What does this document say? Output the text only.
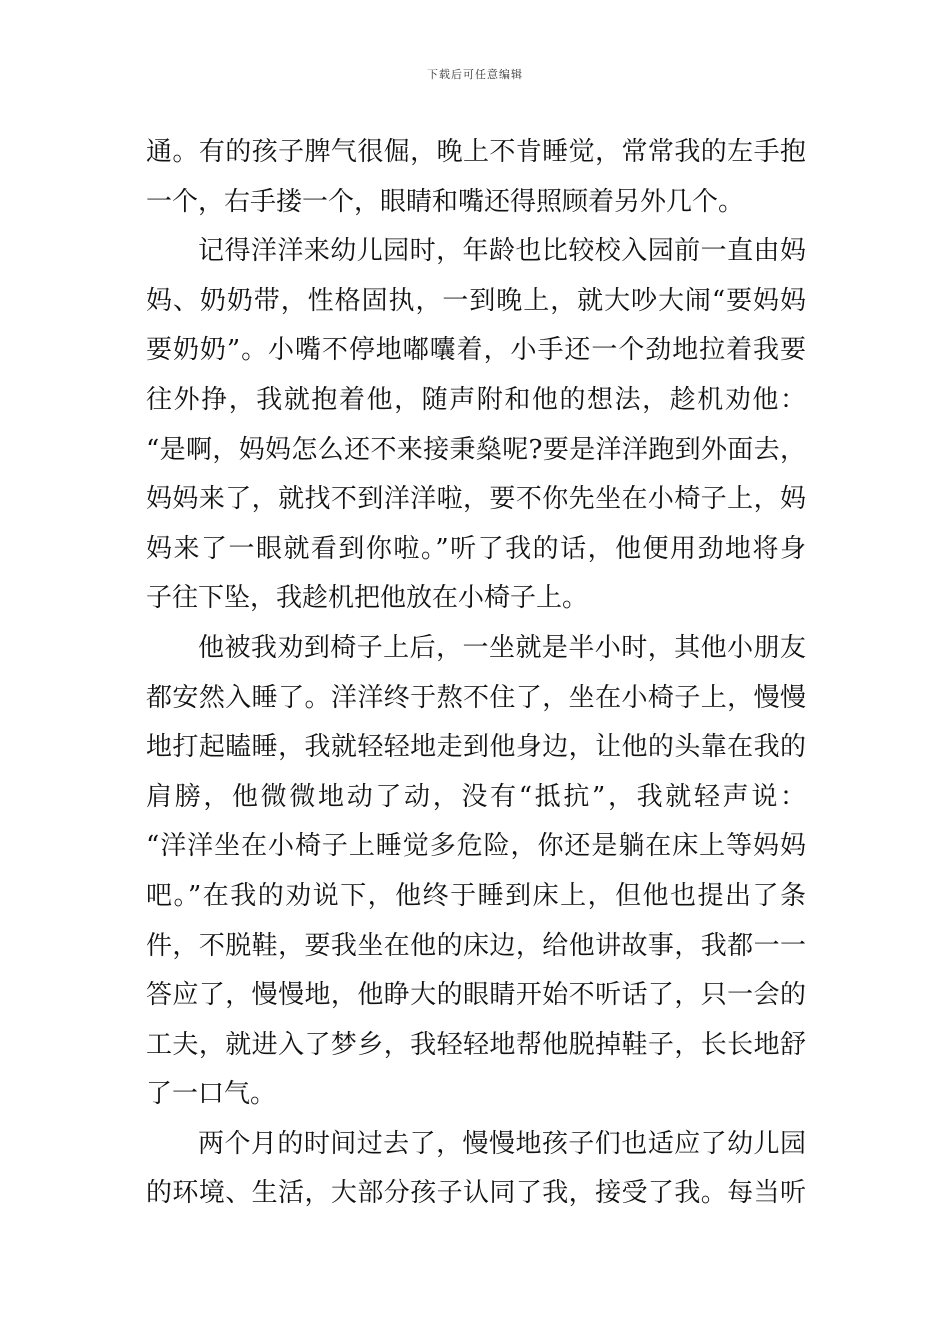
下载后可任意编辑
通。有的孩子脾气很倔，晚上不肯睡觉，常常我的左手抱
一个，右手搂一个，眼睛和嘴还得照顾着另外几个。
记得洋洋来幼儿园时，年龄也比较校入园前一直由妈
妈、奶奶带，性格固执，一到晚上，就大吵大闹“要妈妈
要奶奶”。小嘴不停地嘟囔着，小手还一个劲地拉着我要
往外挣，我就抱着他，随声附和他的想法，趁机劝他：
“是啊，妈妈怎么还不来接秉燊呢?要是洋洋跑到外面去，
妈妈来了，就找不到洋洋啦，要不你先坐在小椅子上，妈
妈来了一眼就看到你啦。”听了我的话，他便用劲地将身
子往下坠，我趁机把他放在小椅子上。
他被我劝到椅子上后，一坐就是半小时，其他小朋友
都安然入睡了。洋洋终于熬不住了，坐在小椅子上，慢慢
地打起瞌睡，我就轻轻地走到他身边，让他的头靠在我的
肩膀，他微微地动了动，没有“抵抗”，我就轻声说：
“洋洋坐在小椅子上睡觉多危险，你还是躺在床上等妈妈
吧。”在我的劝说下，他终于睡到床上，但他也提出了条
件，不脱鞋，要我坐在他的床边，给他讲故事，我都一一
答应了，慢慢地，他睁大的眼睛开始不听话了，只一会的
工夫，就进入了梦乡，我轻轻地帮他脱掉鞋子，长长地舒
了一口气。
两个月的时间过去了，慢慢地孩子们也适应了幼儿园
的环境、生活，大部分孩子认同了我，接受了我。每当听
